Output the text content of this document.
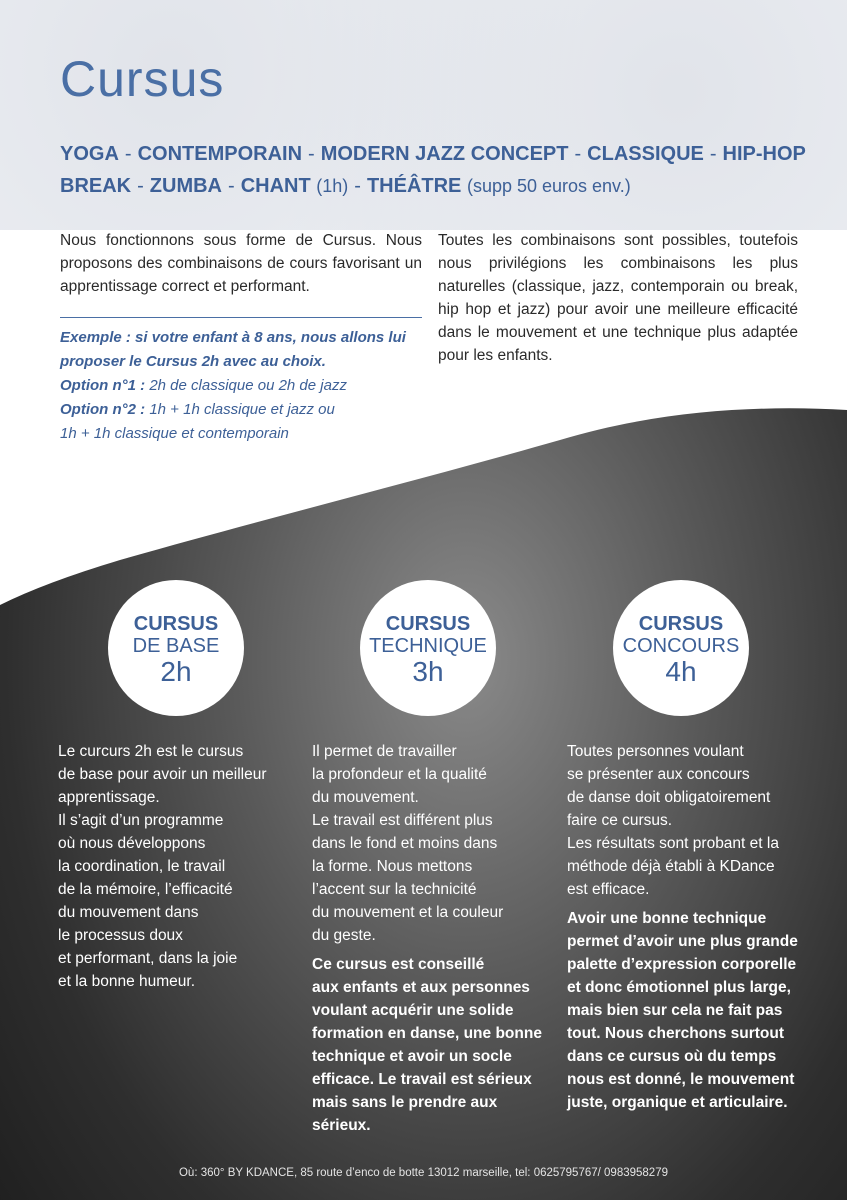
Cursus
YOGA - CONTEMPORAIN - MODERN JAZZ CONCEPT - CLASSIQUE - HIP-HOP
BREAK - ZUMBA - CHANT (1h) - THÉÂTRE (supp 50 euros env.)

Nous fonctionnons sous forme de Cursus. Nous proposons des combinaisons de cours favorisant un apprentissage correct et performant.

Exemple : si votre enfant à 8 ans, nous allons lui proposer le Cursus 2h avec au choix.
Option n°1 : 2h de classique ou 2h de jazz
Option n°2 : 1h + 1h classique et jazz ou
1h + 1h classique et contemporain

Toutes les combinaisons sont possibles, toutefois nous privilégions les combinaisons les plus naturelles (classique, jazz, contemporain ou break, hip hop et jazz) pour avoir une meilleure efficacité dans le mouvement et une technique plus adaptée pour les enfants.

CURSUS
DE BASE
2h
CURSUS
TECHNIQUE
3h
CURSUS
CONCOURS
4h

Le curcurs 2h est le cursus

de base pour avoir un meilleur

apprentissage.

Il s’agit d’un programme

où nous développons

la coordination, le travail

de la mémoire, l’efficacité

du mouvement dans

le processus doux

et performant, dans la joie

et la bonne humeur.

Il permet de travailler

la profondeur et la qualité

du mouvement.

Le travail est différent plus

dans le fond et moins dans

la forme. Nous mettons

l’accent sur la technicité

du mouvement et la couleur

du geste.

Ce cursus est conseillé

aux enfants et aux personnes

voulant acquérir une solide

formation en danse, une bonne

technique et avoir un socle

efficace. Le travail est sérieux

mais sans le prendre aux

sérieux.

Toutes personnes voulant

se présenter aux concours

de danse doit obligatoirement

faire ce cursus.

Les résultats sont probant et la

méthode déjà établi à KDance

est efficace.

Avoir une bonne technique

permet d’avoir une plus grande

palette d’expression corporelle

et donc émotionnel plus large,

mais bien sur cela ne fait pas

tout. Nous cherchons surtout

dans ce cursus où du temps

nous est donné, le mouvement

juste, organique et articulaire.

Où: 360° BY KDANCE, 85 route d’enco de botte 13012 marseille, tel: 0625795767/ 0983958279
